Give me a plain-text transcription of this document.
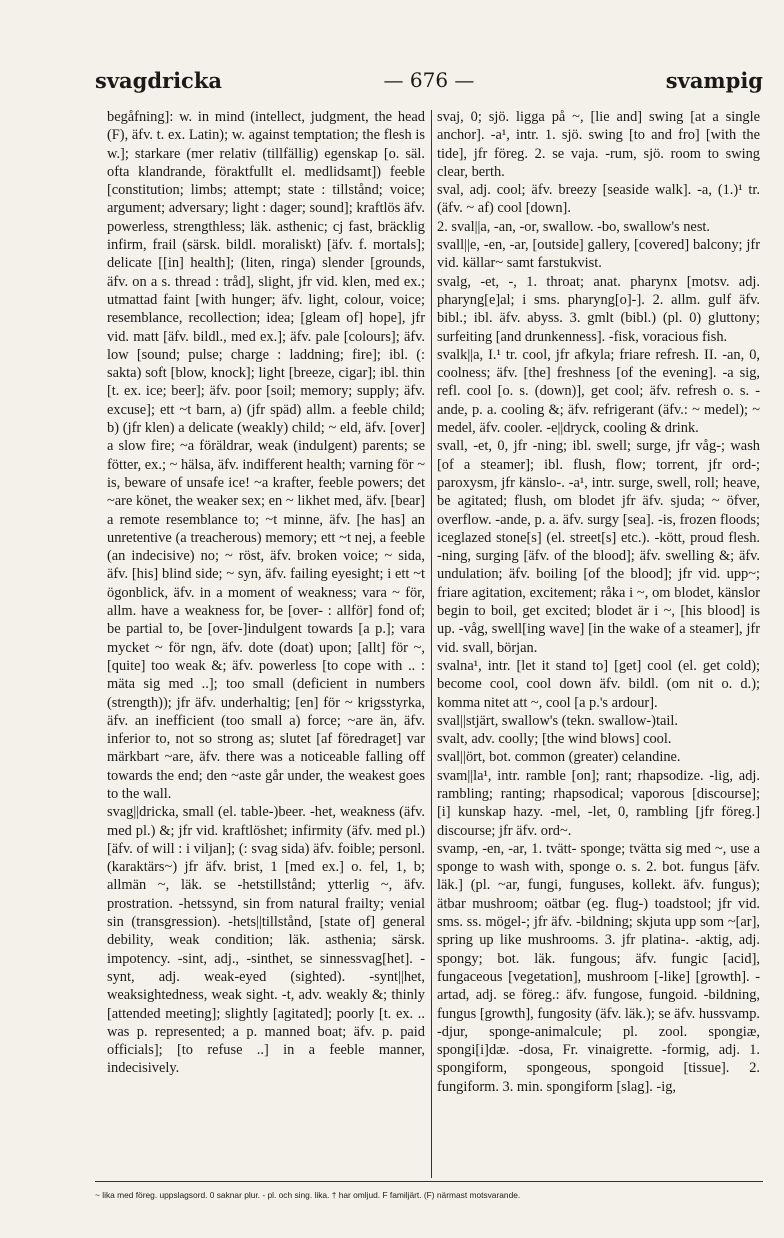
svagdricka	— 676 —	svampig

begåfning]: w. in mind (intellect, judgment, the head (F), äfv. t. ex. Latin); w. against temptation; the flesh is w.]; starkare (mer relativ (tillfällig) egenskap [o. säl. ofta klandrande, föraktfullt el. medlidsamt]) feeble [constitution; limbs; attempt; state : tillstånd; voice; argument; adversary; light : dager; sound]; kraftlös äfv. powerless, strengthless; läk. asthenic; cj fast, bräcklig infirm, frail (särsk. bildl. moraliskt) [äfv. f. mortals]; delicate [[in] health]; (liten, ringa) slender [grounds, äfv. on a s. thread : tråd], slight, jfr vid. klen, med ex.; utmattad faint [with hunger; äfv. light, colour, voice; resemblance, recollection; idea; [gleam of] hope], jfr vid. matt [äfv. bildl., med ex.]; äfv. pale [colours]; äfv. low [sound; pulse; charge : laddning; fire]; ibl. (: sakta) soft [blow, knock]; light [breeze, cigar]; ibl. thin [t. ex. ice; beer]; äfv. poor [soil; memory; supply; äfv. excuse]; ett ~t barn, a) (jfr späd) allm. a feeble child; b) (jfr klen) a delicate (weakly) child; ~ eld, äfv. [over] a slow fire; ~a föräldrar, weak (indulgent) parents; se fötter, ex.; ~ hälsa, äfv. indifferent health; varning för ~ is, beware of unsafe ice! ~a krafter, feeble powers; det ~are könet, the weaker sex; en ~ likhet med, äfv. [bear] a remote resemblance to; ~t minne, äfv. [he has] an unretentive (a treacherous) memory; ett ~t nej, a feeble (an indecisive) no; ~ röst, äfv. broken voice; ~ sida, äfv. [his] blind side; ~ syn, äfv. failing eyesight; i ett ~t ögonblick, äfv. in a moment of weakness; vara ~ för, allm. have a weakness for, be [over- : allför] fond of; be partial to, be [over-]indulgent towards [a p.]; vara mycket ~ för ngn, äfv. dote (doat) upon; [allt] för ~, [quite] too weak &; äfv. powerless [to cope with .. : mäta sig med ..]; too small (deficient in numbers (strength)); jfr äfv. underhaltig; [en] för ~ krigsstyrka, äfv. an inefficient (too small a) force; ~are än, äfv. inferior to, not so strong as; slutet [af föredraget] var märkbart ~are, äfv. there was a noticeable falling off towards the end; den ~aste går under, the weakest goes to the wall.

svag||dricka, small (el. table-)beer. -het, weakness (äfv. med pl.) &; jfr vid. kraftlöshet; infirmity (äfv. med pl.) [äfv. of will : i viljan]; (: svag sida) äfv. foible; personl. (karaktärs~) jfr äfv. brist, 1 [med ex.] o. fel, 1, b; allmän ~, läk. se -hetstillstånd; ytterlig ~, äfv. prostration. -hetssynd, sin from natural frailty; venial sin (transgression). -hets||tillstånd, [state of] general debility, weak condition; läk. asthenia; särsk. impotency. -sint, adj., -sinthet, se sinnessvag[het]. -synt, adj. weak-eyed (sighted). -synt||het, weaksightedness, weak sight. -t, adv. weakly &; thinly [attended meeting]; slightly [agitated]; poorly [t. ex. .. was p. represented; a p. manned boat; äfv. p. paid officials]; [to refuse ..] in a feeble manner, indecisively.

svaj, 0; sjö. ligga på ~, [lie and] swing [at a single anchor]. -a¹, intr. 1. sjö. swing [to and fro] [with the tide], jfr föreg. 2. se vaja. -rum, sjö. room to swing clear, berth.

sval, adj. cool; äfv. breezy [seaside walk]. -a, (1.)¹ tr. (äfv. ~ af) cool [down].

2. sval||a, -an, -or, swallow. -bo, swallow's nest.

svall||e, -en, -ar, [outside] gallery, [covered] balcony; jfr vid. källar~ samt farstukvist.

svalg, -et, -, 1. throat; anat. pharynx [motsv. adj. pharyng[e]al; i sms. pharyng[o]-]. 2. allm. gulf äfv. bibl.; ibl. äfv. abyss. 3. gmlt (bibl.) (pl. 0) gluttony; surfeiting [and drunkenness]. -fisk, voracious fish.

svalk||a, I.¹ tr. cool, jfr afkyla; friare refresh. II. -an, 0, coolness; äfv. [the] freshness [of the evening]. -a sig, refl. cool [o. s. (down)], get cool; äfv. refresh o. s. -ande, p. a. cooling &; äfv. refrigerant (äfv.: ~ medel); ~ medel, äfv. cooler. -e||dryck, cooling & drink.

svall, -et, 0, jfr -ning; ibl. swell; surge, jfr våg-; wash [of a steamer]; ibl. flush, flow; torrent, jfr ord-; paroxysm, jfr känslo-. -a¹, intr. surge, swell, roll; heave, be agitated; flush, om blodet jfr äfv. sjuda; ~ öfver, overflow. -ande, p. a. äfv. surgy [sea]. -is, frozen floods; iceglazed stone[s] (el. street[s] etc.). -kött, proud flesh. -ning, surging [äfv. of the blood]; äfv. swelling &; äfv. undulation; äfv. boiling [of the blood]; jfr vid. upp~; friare agitation, excitement; råka i ~, om blodet, känslor begin to boil, get excited; blodet är i ~, [his blood] is up. -våg, swell[ing wave] [in the wake of a steamer], jfr vid. svall, början.

svalna¹, intr. [let it stand to] [get] cool (el. get cold); become cool, cool down äfv. bildl. (om nit o. d.); komma nitet att ~, cool [a p.'s ardour].

sval||stjärt, swallow's (tekn. swallow-)tail.

svalt, adv. coolly; [the wind blows] cool.

sval||ört, bot. common (greater) celandine.

svam||la¹, intr. ramble [on]; rant; rhapsodize. -lig, adj. rambling; ranting; rhapsodical; vaporous [discourse]; [i] kunskap hazy. -mel, -let, 0, rambling [jfr föreg.] discourse; jfr äfv. ord~.

svamp, -en, -ar, 1. tvätt- sponge; tvätta sig med ~, use a sponge to wash with, sponge o. s. 2. bot. fungus [äfv. läk.] (pl. ~ar, fungi, funguses, kollekt. äfv. fungus); ätbar mushroom; oätbar (eg. flug-) toadstool; jfr vid. sms. ss. mögel-; jfr äfv. -bildning; skjuta upp som ~[ar], spring up like mushrooms. 3. jfr platina-. -aktig, adj. spongy; bot. läk. fungous; äfv. fungic [acid], fungaceous [vegetation], mushroom [-like] [growth]. -artad, adj. se föreg.: äfv. fungose, fungoid. -bildning, fungus [growth], fungosity (äfv. läk.); se äfv. hussvamp. -djur, sponge-animalcule; pl. zool. spongiæ, spongi[i]dæ. -dosa, Fr. vinaigrette. -formig, adj. 1. spongiform, spongeous, spongoid [tissue]. 2. fungiform. 3. min. spongiform [slag]. -ig,

~ lika med föreg. uppslagsord. 0 saknar plur. - pl. och sing. lika. † har omljud. F familjärt. (F) närmast motsvarande.
